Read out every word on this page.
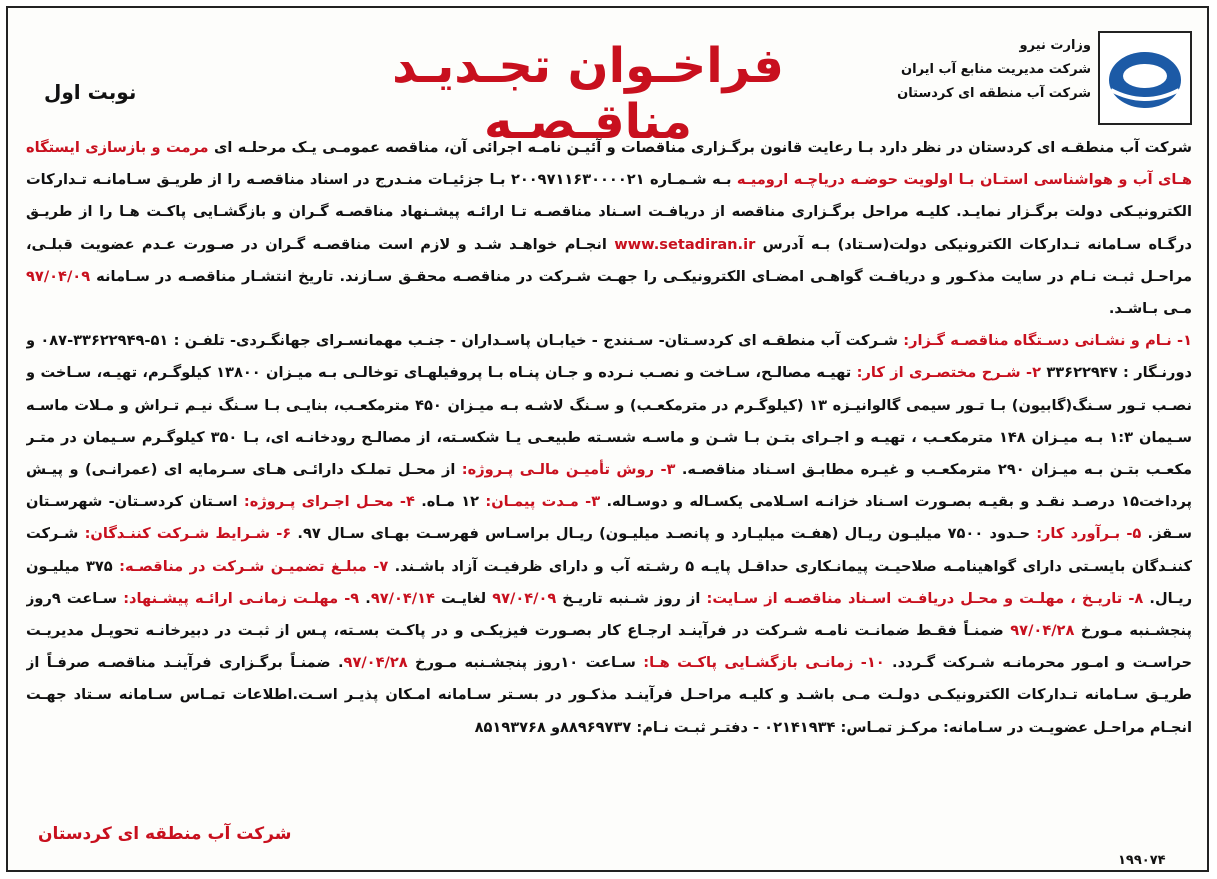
فراخـوان تجـدیـد مناقـصـه
نوبت اول
وزارت نیرو
شرکت مدیریت منابع آب ایران
شرکت آب منطقه ای کردستان

شرکت آب منطقـه ای کردستان در نظر دارد بـا رعایت قانون برگـزاری مناقصات و آئیـن نامـه اجرائی آن، مناقصه عمومـی یـک مرحلـه ای مرمت و بازسازی ایستگاه هـای آب و هواشناسی استـان بـا اولویت حوضـه دریاچـه ارومیـه بـه شـمـاره ۲۰۰۹۷۱۱۶۳۰۰۰۰۲۱ بـا جزئیـات منـدرج در اسناد مناقصـه را از طریـق سـامانـه تـدارکات الکترونیـکی دولت برگـزار نمایـد. کلیـه مراحل برگـزاری مناقصه از دریافـت اسـناد مناقصـه تـا ارائـه پیشـنهاد مناقصـه گـران و بازگشـایی پاکـت هـا را از طریـق درگـاه سـامانه تـدارکات الکترونیکی دولت(سـتاد) بـه آدرس www.setadiran.ir انجـام خواهـد شـد و لازم است مناقصـه گـران در صـورت عـدم عضویت قبلـی، مراحـل ثبـت نـام در سایت مذکـور و دریافـت گواهـی امضـای الکترونیکـی را جهـت شـرکت در مناقصـه محقـق سـازند. تاریخ انتشـار مناقصـه در سـامانه ۹۷/۰۴/۰۹ مـی بـاشـد.

۱- نـام و نشـانی دسـتگاه مناقصـه گـزار: شـرکت آب منطقـه ای کردسـتان- سـنندج - خیابـان پاسـداران - جنـب مهمانسـرای جهانگـردی- تلفـن : ۵۱-۳۳۶۲۲۹۴۹-۰۸۷ و دورنـگار : ۳۳۶۲۲۹۴۷ ۲- شـرح مختصـری از کار: تهیـه مصالـح، سـاخت و نصـب نـرده و جـان پنـاه بـا پروفیلهـای توخالـی بـه میـزان ۱۳۸۰۰ کیلوگـرم، تهیـه، سـاخت و نصـب تـور سـنگ(گابیون) بـا تـور سیمی گالوانیـزه ۱۳ (کیلوگـرم در مترمکعـب) و سـنگ لاشـه بـه میـزان ۴۵۰ مترمکعـب، بنایـی بـا سـنگ نیـم تـراش و مـلات ماسـه سـیمان ۱:۳ بـه میـزان ۱۴۸ مترمکعـب ، تهیـه و اجـرای بتـن بـا شـن و ماسـه شسـته طبیعـی یـا شکسـته، از مصالـح رودخانـه ای، بـا ۳۵۰ کیلوگـرم سـیمان در متـر مکعـب بتـن بـه میـزان ۲۹۰ مترمکعـب و غیـره مطابـق اسـناد مناقصـه. ۳- روش تأمیـن مالـی پـروژه: از محـل تملـک دارائـی هـای سـرمایه ای (عمرانـی) و پیـش پرداخت۱۵ درصـد نقـد و بقیـه بصـورت اسـناد خزانـه اسـلامی یکسـاله و دوسـاله. ۳- مـدت پیمـان: ۱۲ مـاه. ۴- محـل اجـرای پـروژه: اسـتان کردسـتان- شهرسـتان سـقز. ۵- بـرآورد کار: حـدود ۷۵۰۰ میلیـون ریـال (هفـت میلیـارد و پانصـد میلیـون) ریـال براسـاس فهرسـت بهـای سـال ۹۷. ۶- شـرایط شـرکت کننـدگان: شـرکت کننـدگان بایسـتی دارای گواهینامـه صلاحیـت پیمانـکاری حداقـل پایـه ۵ رشـته آب و دارای ظرفیـت آزاد باشـند. ۷- مبلـغ تضمیـن شـرکت در مناقصـه: ۳۷۵ میلیـون ریـال. ۸- تاریـخ ، مهلـت و محـل دریافـت اسـناد مناقصـه از سـایت: از روز شـنبه تاریـخ ۹۷/۰۴/۰۹ لغایـت ۹۷/۰۴/۱۴. ۹- مهلـت زمانـی ارائـه پیشـنهاد: سـاعت ۹روز پنجشـنبه مـورخ ۹۷/۰۴/۲۸ ضمنـاً فقـط ضمانـت نامـه شـرکت در فرآینـد ارجـاع کار بصـورت فیزیکـی و در پاکـت بسـته، پـس از ثبـت در دبیرخانـه تحویـل مدیریـت حراسـت و امـور محرمانـه شـرکت گـردد. ۱۰- زمانـی بازگشـایی پاکـت هـا: سـاعت ۱۰روز پنجشـنبه مـورخ ۹۷/۰۴/۲۸. ضمنـاً برگـزاری فرآینـد مناقصـه صرفـاً از طریـق سـامانه تـدارکات الکترونیکـی دولـت مـی باشـد و کلیـه مراحـل فرآینـد مذکـور در بسـتر سـامانه امـکان پذیـر اسـت.اطلاعات تمـاس سـامانه سـتاد جهـت انجـام مراحـل عضویـت در سـامانه: مرکـز تمـاس: ۰۲۱۴۱۹۳۴ - دفتـر ثبـت نـام: ۸۸۹۶۹۷۳۷و ۸۵۱۹۳۷۶۸

شرکت آب منطقه ای کردستان
۱۹۹۰۷۴
